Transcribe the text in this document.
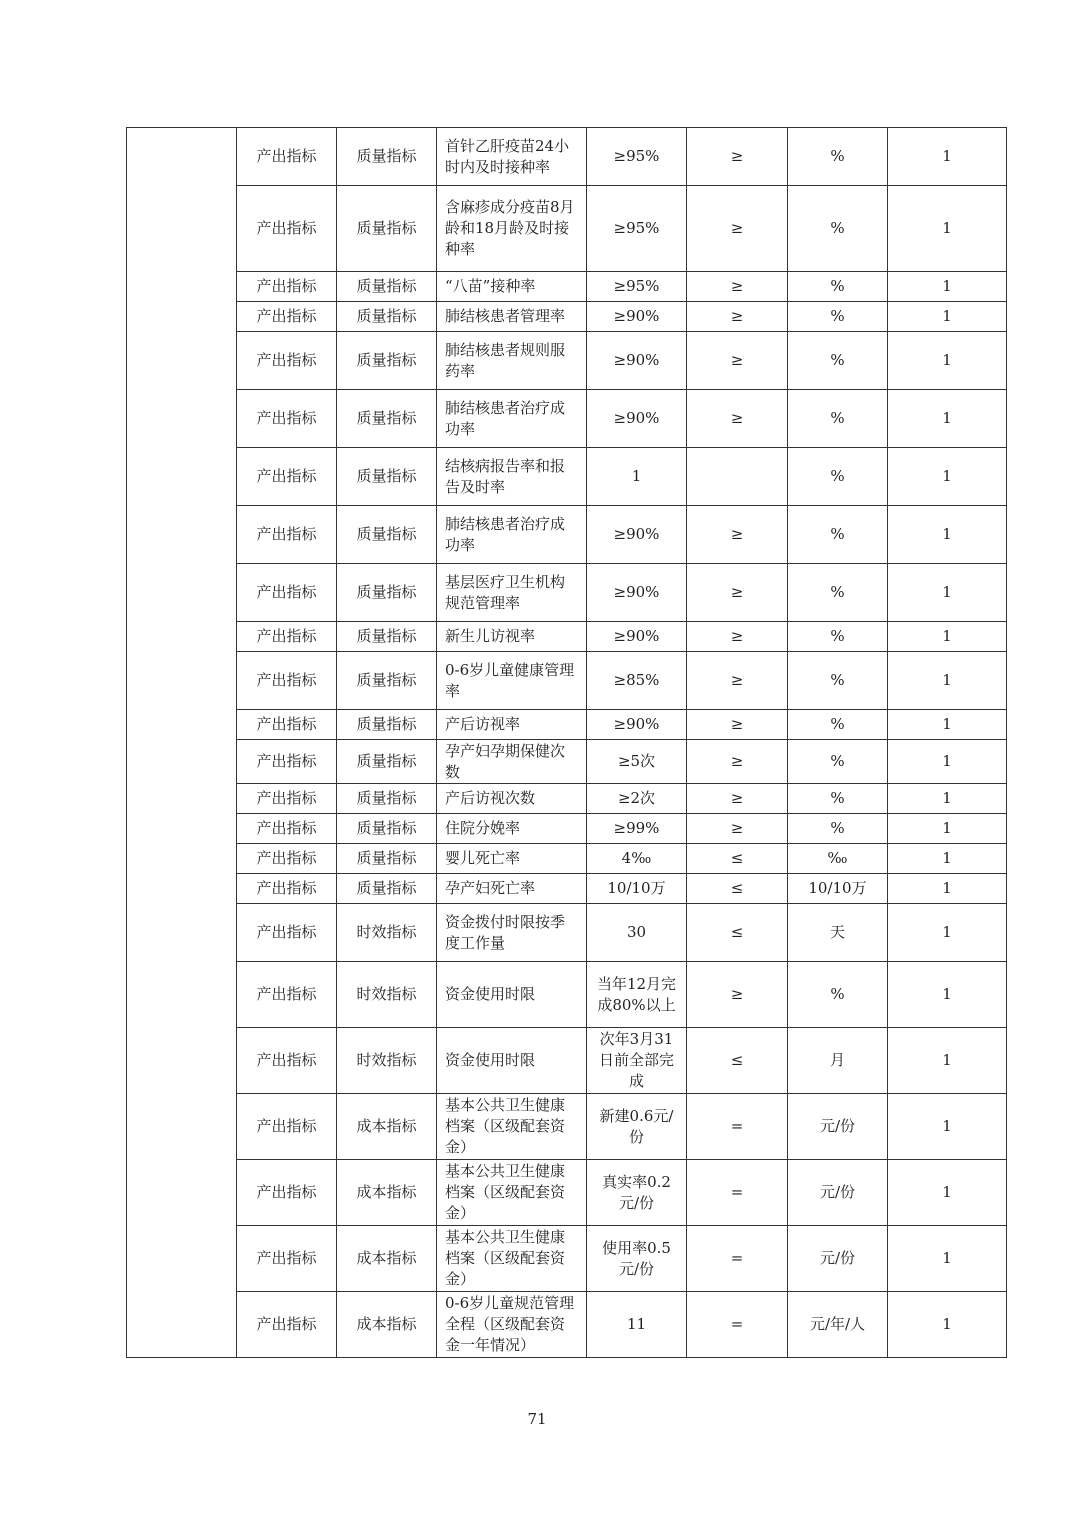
	产出指标	质量指标	首针乙肝疫苗24小时内及时接种率	≥95%	≥	%	1
	产出指标	质量指标	含麻疹成分疫苗8月龄和18月龄及时接种率	≥95%	≥	%	1
	产出指标	质量指标	“八苗”接种率	≥95%	≥	%	1
	产出指标	质量指标	肺结核患者管理率	≥90%	≥	%	1
	产出指标	质量指标	肺结核患者规则服药率	≥90%	≥	%	1
	产出指标	质量指标	肺结核患者治疗成功率	≥90%	≥	%	1
	产出指标	质量指标	结核病报告率和报告及时率	1		%	1
	产出指标	质量指标	肺结核患者治疗成功率	≥90%	≥	%	1
	产出指标	质量指标	基层医疗卫生机构规范管理率	≥90%	≥	%	1
	产出指标	质量指标	新生儿访视率	≥90%	≥	%	1
	产出指标	质量指标	0-6岁儿童健康管理率	≥85%	≥	%	1
	产出指标	质量指标	产后访视率	≥90%	≥	%	1
	产出指标	质量指标	孕产妇孕期保健次数	≥5次	≥	%	1
	产出指标	质量指标	产后访视次数	≥2次	≥	%	1
	产出指标	质量指标	住院分娩率	≥99%	≥	%	1
	产出指标	质量指标	婴儿死亡率	4‰	≤	‰	1
	产出指标	质量指标	孕产妇死亡率	10/10万	≤	10/10万	1
	产出指标	时效指标	资金拨付时限按季度工作量	30	≤	天	1
	产出指标	时效指标	资金使用时限	当年12月完成80%以上	≥	%	1
	产出指标	时效指标	资金使用时限	次年3月31日前全部完成	≤	月	1
	产出指标	成本指标	基本公共卫生健康档案（区级配套资金）	新建0.6元/份	=	元/份	1
	产出指标	成本指标	基本公共卫生健康档案（区级配套资金）	真实率0.2元/份	=	元/份	1
	产出指标	成本指标	基本公共卫生健康档案（区级配套资金）	使用率0.5元/份	=	元/份	1
	产出指标	成本指标	0-6岁儿童规范管理全程（区级配套资金一年情况）	11	=	元/年/人	1
71
